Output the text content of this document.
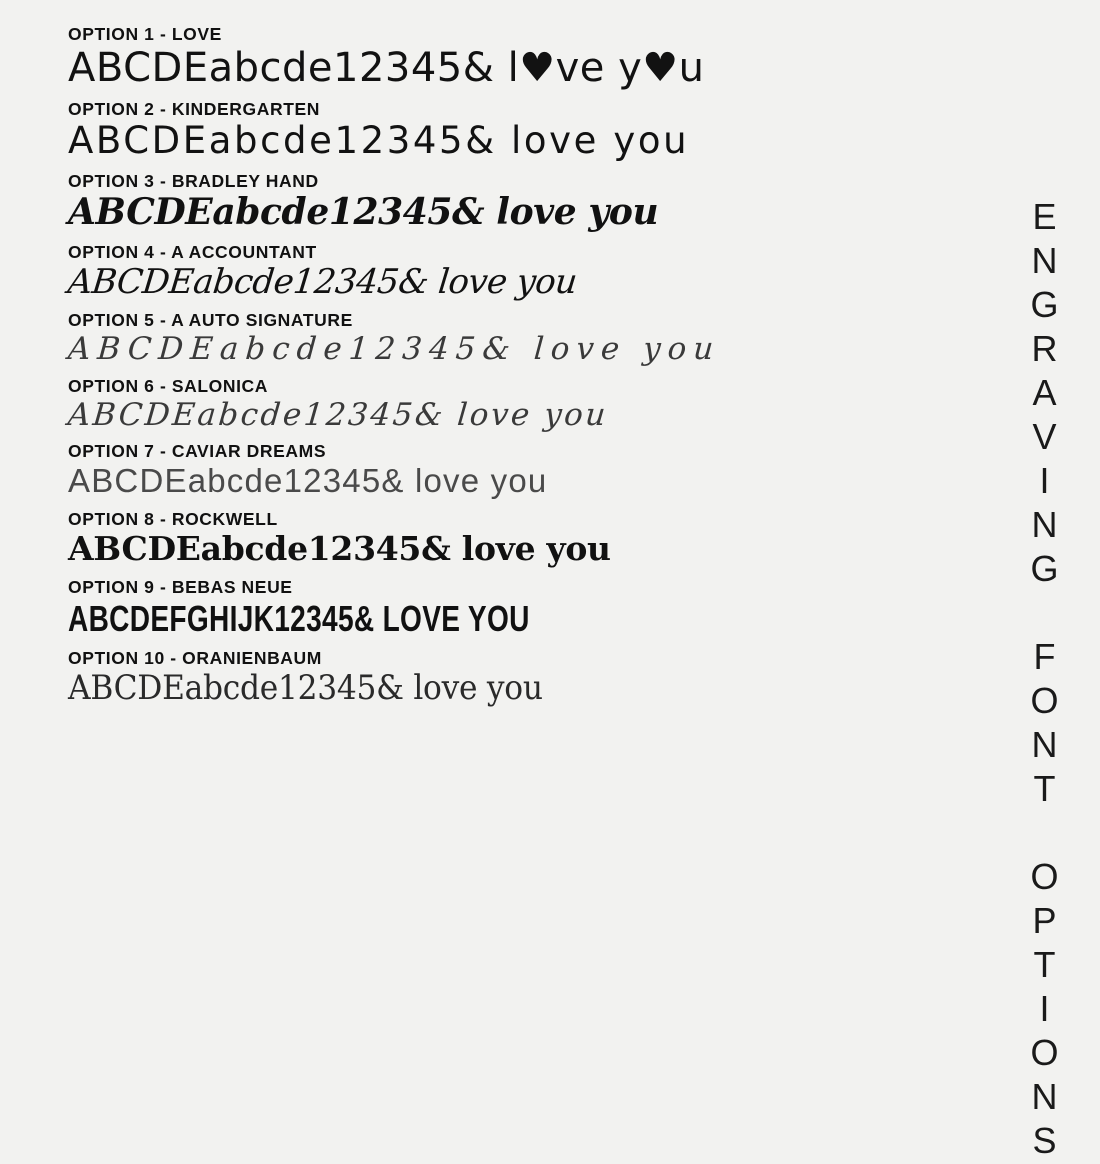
OPTION 1 - LOVE
ABCDEabcde12345& l♥ve y♥u
OPTION 2 - KINDERGARTEN
ABCDEabcde12345& love you
OPTION 3 - BRADLEY HAND
ABCDEabcde12345& love you
OPTION 4 - A ACCOUNTANT
ABCDEabcde12345& love you
OPTION 5 - A AUTO SIGNATURE
ABCDEabcde12345& love you
OPTION 6 - SALONICA
ABCDEabcde12345& love you
OPTION 7 - CAVIAR DREAMS
ABCDEabcde12345& love you
OPTION 8 - ROCKWELL
ABCDEabcde12345& love you
OPTION 9 - BEBAS NEUE
ABCDEFGHIJK12345& LOVE YOU
OPTION 10 - ORANIENBAUM
ABCDEabcde12345& love you	ENGRAVING FONT OPTIONS
